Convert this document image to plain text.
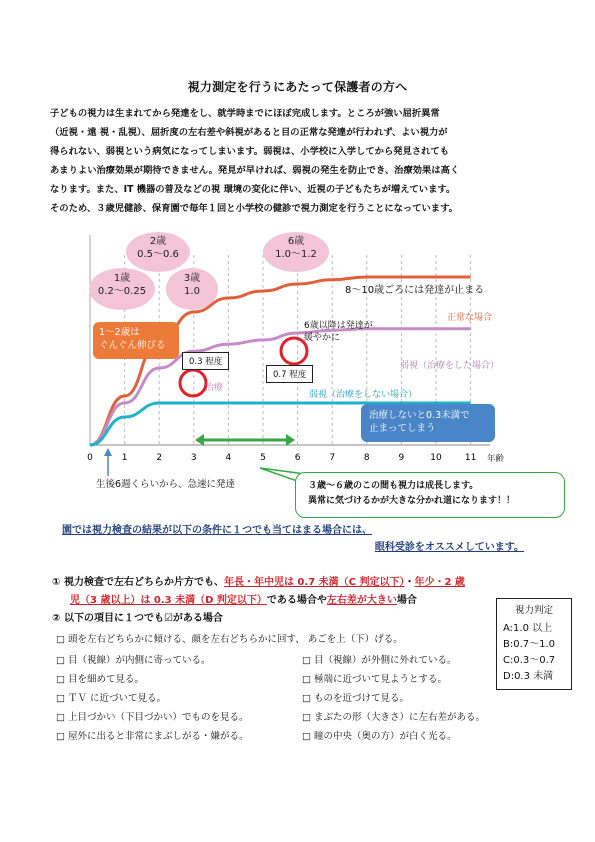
視力測定を行うにあたって保護者の方へ

子どもの視力は生まれてから発達をし、就学時までにほぼ完成します。ところが強い屈折異常

（近視・遠 視・乱視）、屈折度の左右差や斜視があると目の正常な発達が行われず、よい視力が

得られない、弱視という病気になってしまいます。弱視は、小学校に入学してから発見されても

あまりよい治療効果が期待できません。発見が早ければ、弱視の発生を防止でき、治療効果は高く

なります。また、IT 機器の普及などの視 環境の変化に伴い、近視の子どもたちが増えています。

そのため、３歳児健診、保育園で毎年１回と小学校の健診で視力測定を行うことになっています。

0	1	2	3	4	5	6	7	8	9	10	11
1歳
0.2～0.25
2歳
0.5～0.6
3歳
1.0
6歳
1.0～1.2
8～10歳ごろには発達が止まる
正常な場合
6歳以降は発達が
緩やかに
弱視（治療をした場合）
弱視（治療をしない場合）
治療
0.3 程度
0.7 程度
1～2歳は
ぐんぐん伸びる
治療しないと0.3未満で
止まってしまう
年齢
生後6週くらいから、急速に発達	３歳～６歳のこの間も視力は成長します。
異常に気づけるかが大きな分かれ道になります！！
園では視力検査の結果が以下の条件に１つでも当てはまる場合には、
眼科受診をオススメしています。
① 視力検査で左右どちらか片方でも、年長・年中児は 0.7 未満（C 判定以下）・年少・2 歳
児（3 歳以上）は 0.3 未満（D 判定以下）である場合や左右差が大きい場合
② 以下の項目に１つでも☑がある場合
□ 頭を左右どちらかに傾ける、顔を左右どちらかに回す、 あごを上（下）げる。
□ 目（視線）が内側に寄っている。	□ 目（視線）が外側に外れている。
□ 目を細めて見る。	□ 極端に近づいて見ようとする。
□ ＴＶ に近づいて見る。	□ ものを近づけて見る。
□ 上目づかい（下目づかい）でものを見る。	□ まぶたの形（大きさ）に左右差がある。
□ 屋外に出ると非常にまぶしがる・嫌がる。	□ 瞳の中央（奥の方）が白く光る。
視力判定
A:1.0 以上
B:0.7～1.0
C:0.3～0.7
D:0.3 未満
